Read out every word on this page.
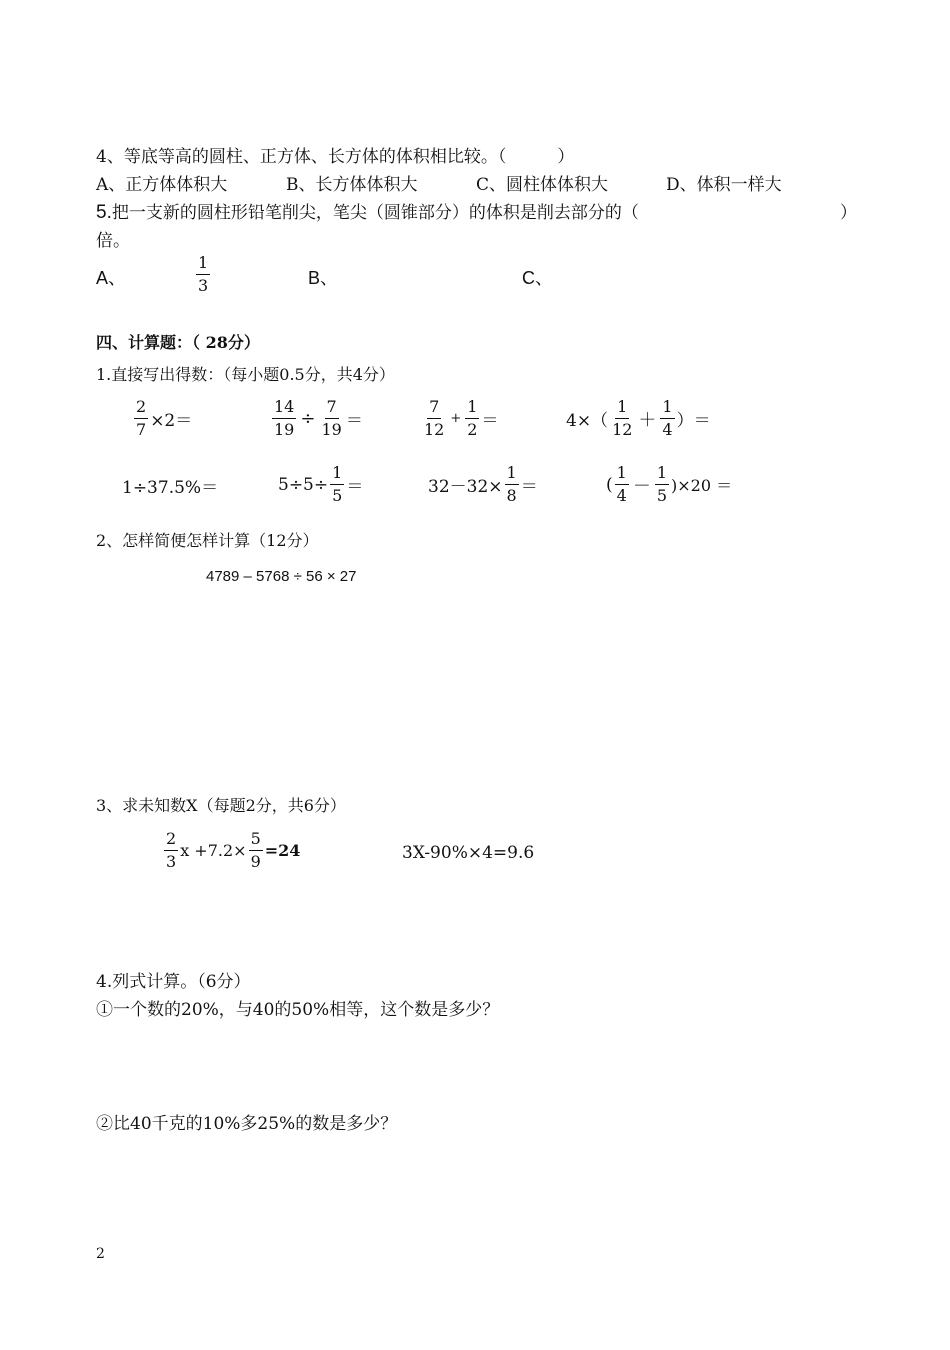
4、等底等高的圆柱、正方体、长方体的体积相比较。（　　　）
A、正方体体积大	B、长方体体积大	C、圆柱体体积大	D、体积一样大
5.把一支新的圆柱形铅笔削尖，笔尖（圆锥部分）的体积是削去部分的（	）
倍。
A、	$\frac{1}{3}$	B、	C、
四、计算题：（ 28分）
1.直接写出得数：（每小题0.5分，共4分）
$\frac{2}{7} \times 2=$	$\frac{14}{19} \div \frac{7}{19}$ ＝	$\frac{7}{12} + \frac{1}{2}$ ＝	$4\times( \frac{1}{12} + \frac{1}{4}$ ）＝
1÷37.5%＝	$5\div 5\div \frac{1}{5}$ ＝	$32-32\times \frac{1}{8}$ ＝	( $\frac{1}{4} - \frac{1}{5} )\times 20$ ＝
2、怎样简便怎样计算（12分）
4789 – 5768 ÷ 56 × 27
3、求未知数X（每题2分，共6分）
$\frac{2}{3}$ $x +7.2\times \frac{5}{9} =24$	3X-90%×4=9.6
4.列式计算。（6分）
①一个数的20%，与40的50%相等，这个数是多少？
②比40千克的10%多25%的数是多少？
2
